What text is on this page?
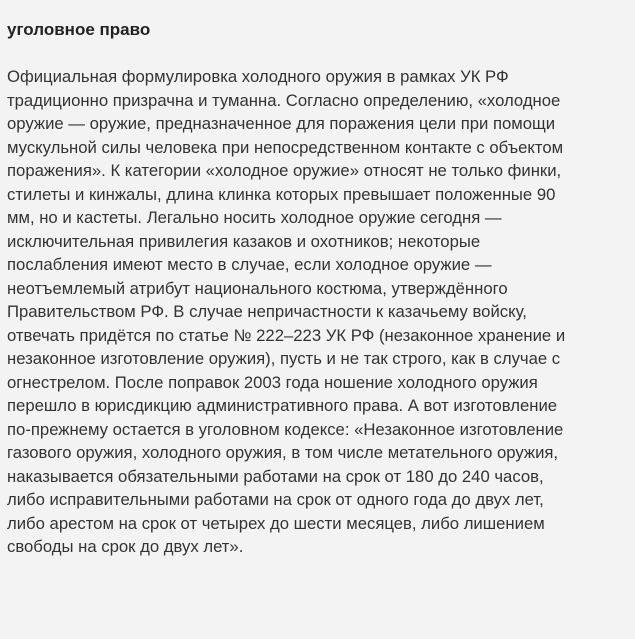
уголовное право

Официальная формулировка холодного оружия в рамках УК РФ
традиционно призрачна и туманна. Согласно определению, «холодное
оружие — оружие, предназначенное для поражения цели при помощи
мускульной силы человека при непосредственном контакте с объектом
поражения». К категории «холодное оружие» относят не только финки,
стилеты и кинжалы, длина клинка которых превышает положенные 90
мм, но и кастеты. Легально носить холодное оружие сегодня —
исключительная привилегия казаков и охотников; некоторые
послабления имеют место в случае, если холодное оружие —
неотъемлемый атрибут национального костюма, утверждённого
Правительством РФ. В случае непричастности к казачьему войску,
отвечать придётся по статье № 222–223 УК РФ (незаконное хранение и
незаконное изготовление оружия), пусть и не так строго, как в случае с
огнестрелом. После поправок 2003 года ношение холодного оружия
перешло в юрисдикцию административного права. А вот изготовление
по-прежнему остается в уголовном кодексе: «Незаконное изготовление
газового оружия, холодного оружия, в том числе метательного оружия,
наказывается обязательными работами на срок от 180 до 240 часов,
либо исправительными работами на срок от одного года до двух лет,
либо арестом на срок от четырех до шести месяцев, либо лишением
свободы на срок до двух лет».
